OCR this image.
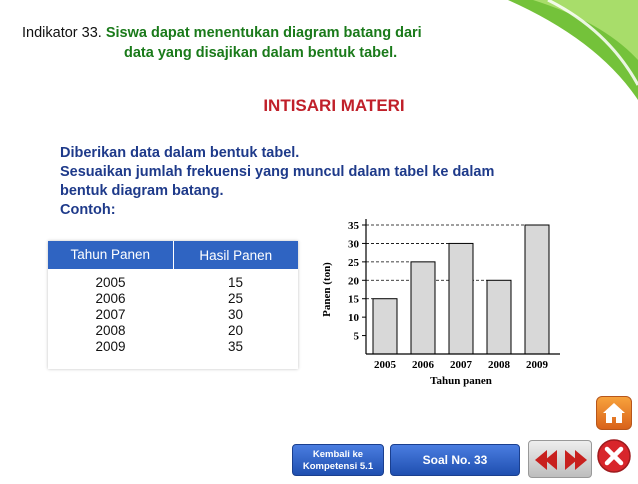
Indikator 33. Siswa dapat menentukan diagram batang dari
data yang disajikan dalam bentuk tabel.
INTISARI MATERI
Diberikan data dalam bentuk tabel.
Sesuaikan jumlah frekuensi yang muncul dalam tabel ke dalam
bentuk diagram batang.
Contoh:
Tahun Panen	Hasil Panen
2005
2006
2007
2008
2009
15
25
30
20
35
2005 2006 2007 2008 2009
5
10
15
20
25
30
35
Panen (ton)
Tahun panen
Kembali ke
Kompetensi 5.1	Soal No. 33
